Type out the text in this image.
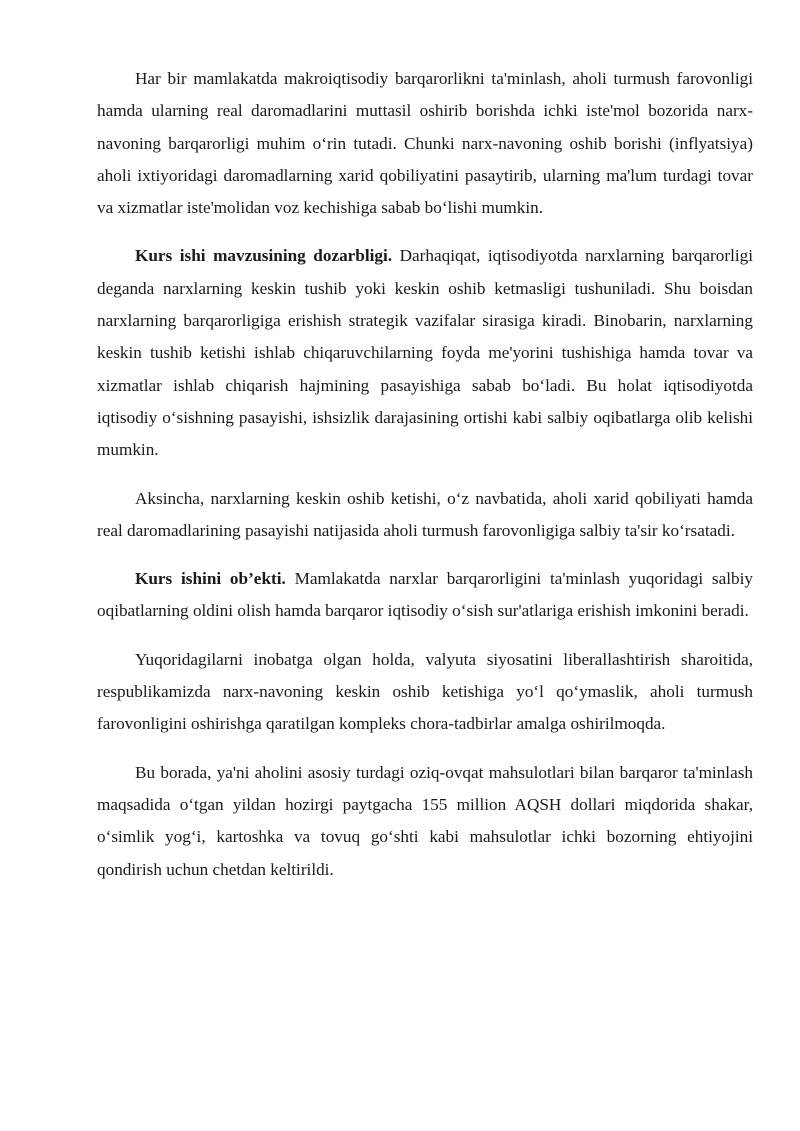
Har bir mamlakatda makroiqtisodiy barqarorlikni ta'minlash, aholi turmush farovonligi hamda ularning real daromadlarini muttasil oshirib borishda ichki iste'mol bozorida narx-navoning barqarorligi muhim o‘rin tutadi. Chunki narx-navoning oshib borishi (inflyatsiya) aholi ixtiyoridagi daromadlarning xarid qobiliyatini pasaytirib, ularning ma'lum turdagi tovar va xizmatlar iste'molidan voz kechishiga sabab bo‘lishi mumkin.

Kurs ishi mavzusining dozarbligi. Darhaqiqat, iqtisodiyotda narxlarning barqarorligi deganda narxlarning keskin tushib yoki keskin oshib ketmasligi tushuniladi. Shu boisdan narxlarning barqarorligiga erishish strategik vazifalar sirasiga kiradi. Binobarin, narxlarning keskin tushib ketishi ishlab chiqaruvchilarning foyda me'yorini tushishiga hamda tovar va xizmatlar ishlab chiqarish hajmining pasayishiga sabab bo‘ladi. Bu holat iqtisodiyotda iqtisodiy o‘sishning pasayishi, ishsizlik darajasining ortishi kabi salbiy oqibatlarga olib kelishi mumkin.

Aksincha, narxlarning keskin oshib ketishi, o‘z navbatida, aholi xarid qobiliyati hamda real daromadlarining pasayishi natijasida aholi turmush farovonligiga salbiy ta'sir ko‘rsatadi.

Kurs ishini ob’ekti. Mamlakatda narxlar barqarorligini ta'minlash yuqoridagi salbiy oqibatlarning oldini olish hamda barqaror iqtisodiy o‘sish sur'atlariga erishish imkonini beradi.

Yuqoridagilarni inobatga olgan holda, valyuta siyosatini liberallashtirish sharoitida, respublikamizda narx-navoning keskin oshib ketishiga yo‘l qo‘ymaslik, aholi turmush farovonligini oshirishga qaratilgan kompleks chora-tadbirlar amalga oshirilmoqda.

Bu borada, ya'ni aholini asosiy turdagi oziq-ovqat mahsulotlari bilan barqaror ta'minlash maqsadida o‘tgan yildan hozirgi paytgacha 155 million AQSH dollari miqdorida shakar, o‘simlik yog‘i, kartoshka va tovuq go‘shti kabi mahsulotlar ichki bozorning ehtiyojini qondirish uchun chetdan keltirildi.
